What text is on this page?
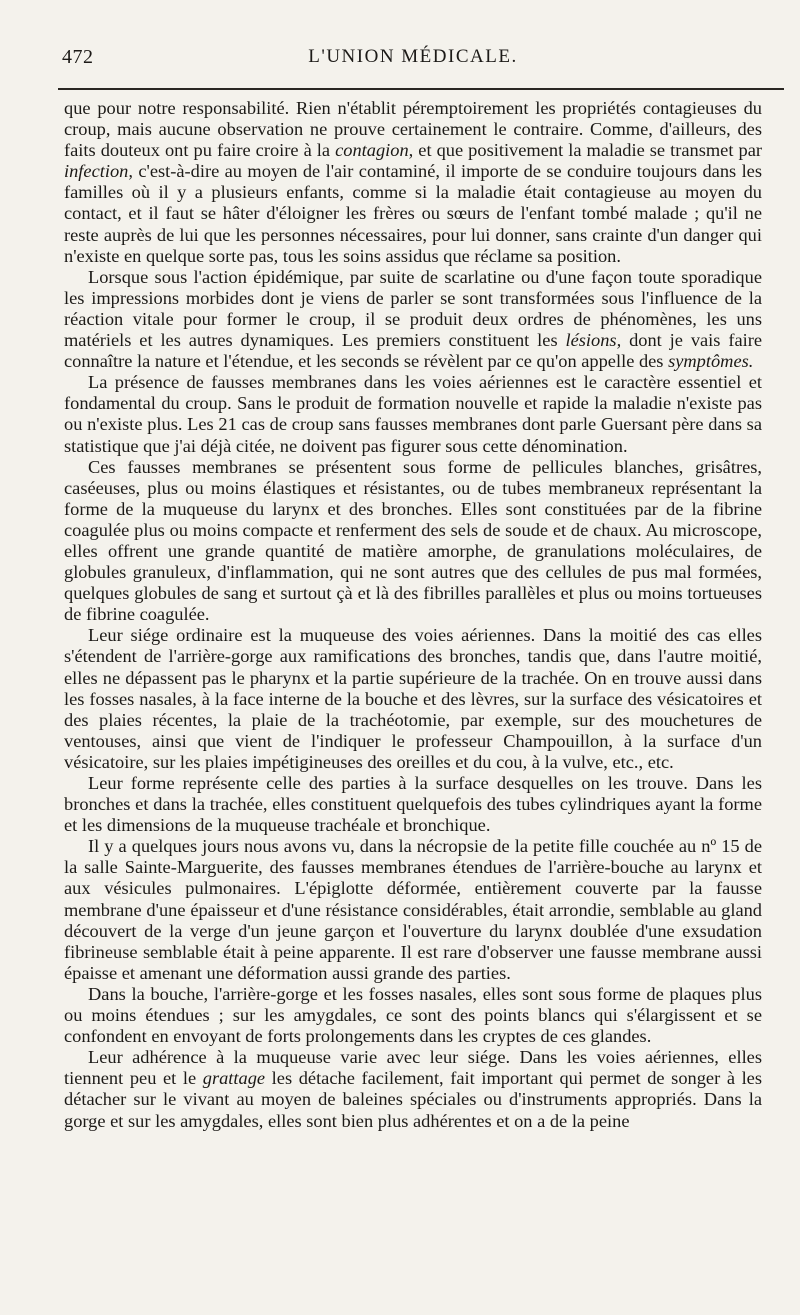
472	L'UNION MÉDICALE.

que pour notre responsabilité. Rien n'établit péremptoirement les propriétés contagieuses du croup, mais aucune observation ne prouve certainement le contraire. Comme, d'ailleurs, des faits douteux ont pu faire croire à la contagion, et que positivement la maladie se transmet par infection, c'est-à-dire au moyen de l'air contaminé, il importe de se conduire toujours dans les familles où il y a plusieurs enfants, comme si la maladie était contagieuse au moyen du contact, et il faut se hâter d'éloigner les frères ou sœurs de l'enfant tombé malade ; qu'il ne reste auprès de lui que les personnes nécessaires, pour lui donner, sans crainte d'un danger qui n'existe en quelque sorte pas, tous les soins assidus que réclame sa position.

Lorsque sous l'action épidémique, par suite de scarlatine ou d'une façon toute sporadique les impressions morbides dont je viens de parler se sont transformées sous l'influence de la réaction vitale pour former le croup, il se produit deux ordres de phénomènes, les uns matériels et les autres dynamiques. Les premiers constituent les lésions, dont je vais faire connaître la nature et l'étendue, et les seconds se révèlent par ce qu'on appelle des symptômes.

La présence de fausses membranes dans les voies aériennes est le caractère essentiel et fondamental du croup. Sans le produit de formation nouvelle et rapide la maladie n'existe pas ou n'existe plus. Les 21 cas de croup sans fausses membranes dont parle Guersant père dans sa statistique que j'ai déjà citée, ne doivent pas figurer sous cette dénomination.

Ces fausses membranes se présentent sous forme de pellicules blanches, grisâtres, caséeuses, plus ou moins élastiques et résistantes, ou de tubes membraneux représentant la forme de la muqueuse du larynx et des bronches. Elles sont constituées par de la fibrine coagulée plus ou moins compacte et renferment des sels de soude et de chaux. Au microscope, elles offrent une grande quantité de matière amorphe, de granulations moléculaires, de globules granuleux, d'inflammation, qui ne sont autres que des cellules de pus mal formées, quelques globules de sang et surtout çà et là des fibrilles parallèles et plus ou moins tortueuses de fibrine coagulée.

Leur siége ordinaire est la muqueuse des voies aériennes. Dans la moitié des cas elles s'étendent de l'arrière-gorge aux ramifications des bronches, tandis que, dans l'autre moitié, elles ne dépassent pas le pharynx et la partie supérieure de la trachée. On en trouve aussi dans les fosses nasales, à la face interne de la bouche et des lèvres, sur la surface des vésicatoires et des plaies récentes, la plaie de la trachéotomie, par exemple, sur des mouchetures de ventouses, ainsi que vient de l'indiquer le professeur Champouillon, à la surface d'un vésicatoire, sur les plaies impétigineuses des oreilles et du cou, à la vulve, etc., etc.

Leur forme représente celle des parties à la surface desquelles on les trouve. Dans les bronches et dans la trachée, elles constituent quelquefois des tubes cylindriques ayant la forme et les dimensions de la muqueuse trachéale et bronchique.

Il y a quelques jours nous avons vu, dans la nécropsie de la petite fille couchée au nº 15 de la salle Sainte-Marguerite, des fausses membranes étendues de l'arrière-bouche au larynx et aux vésicules pulmonaires. L'épiglotte déformée, entièrement couverte par la fausse membrane d'une épaisseur et d'une résistance considérables, était arrondie, semblable au gland découvert de la verge d'un jeune garçon et l'ouverture du larynx doublée d'une exsudation fibrineuse semblable était à peine apparente. Il est rare d'observer une fausse membrane aussi épaisse et amenant une déformation aussi grande des parties.

Dans la bouche, l'arrière-gorge et les fosses nasales, elles sont sous forme de plaques plus ou moins étendues ; sur les amygdales, ce sont des points blancs qui s'élargissent et se confondent en envoyant de forts prolongements dans les cryptes de ces glandes.

Leur adhérence à la muqueuse varie avec leur siége. Dans les voies aériennes, elles tiennent peu et le grattage les détache facilement, fait important qui permet de songer à les détacher sur le vivant au moyen de baleines spéciales ou d'instruments appropriés. Dans la gorge et sur les amygdales, elles sont bien plus adhérentes et on a de la peine
